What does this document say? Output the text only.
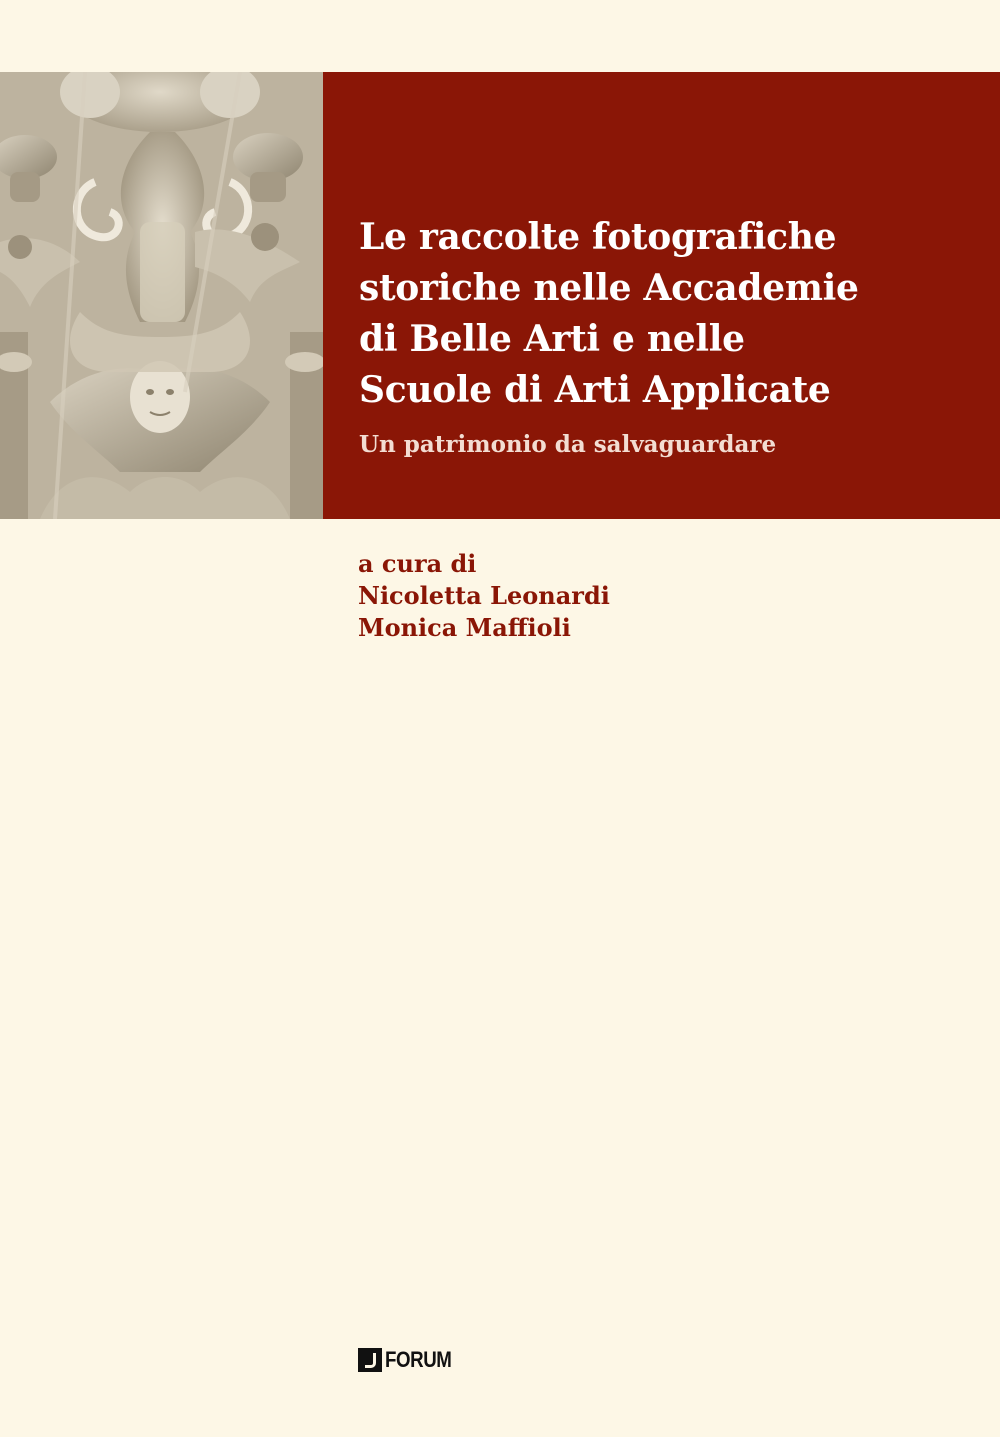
Le raccolte fotografiche
storiche nelle Accademie
di Belle Arti e nelle
Scuole di Arti Applicate

Un patrimonio da salvaguardare

a cura di
Nicoletta Leonardi
Monica Maffioli
FORUM
